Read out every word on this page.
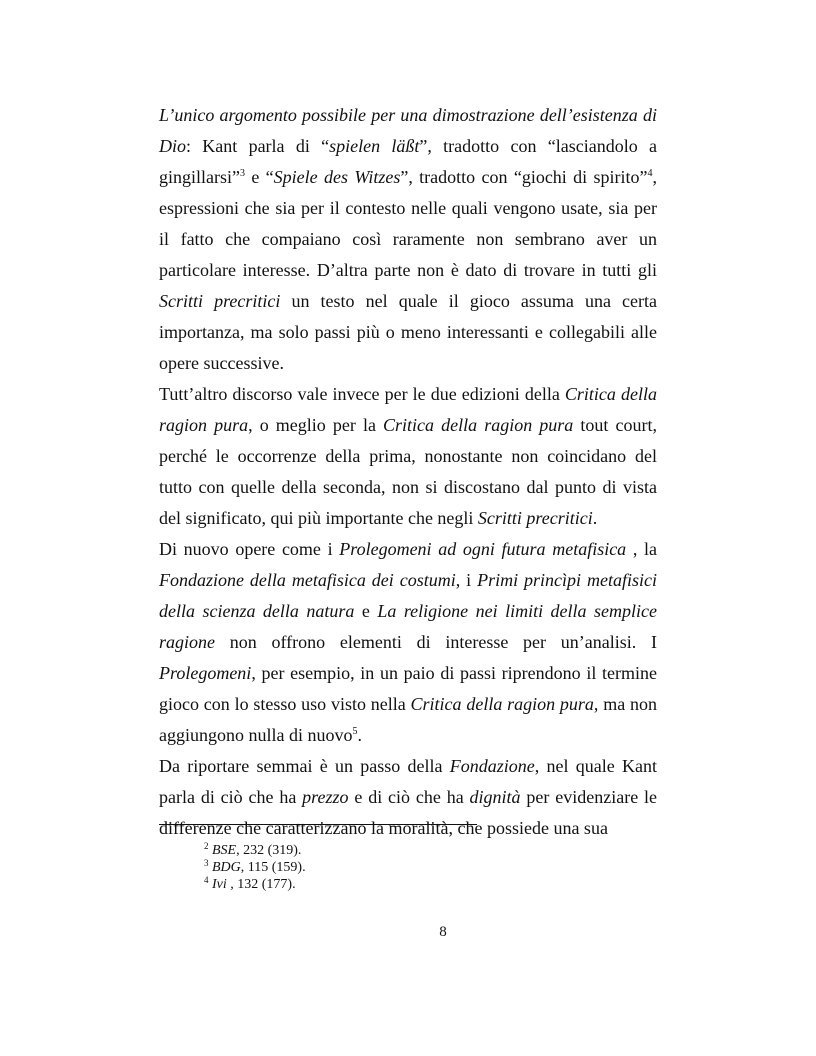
L’unico argomento possibile per una dimostrazione dell’esistenza di Dio: Kant parla di “spielen läßt”, tradotto con “lasciandolo a gingillarsi”$^3$ e “Spiele des Witzes”, tradotto con “giochi di spirito”$^4$, espressioni che sia per il contesto nelle quali vengono usate, sia per il fatto che compaiano così raramente non sembrano aver un particolare interesse. D’altra parte non è dato di trovare in tutti gli Scritti precritici un testo nel quale il gioco assuma una certa importanza, ma solo passi più o meno interessanti e collegabili alle opere successive.

Tutt’altro discorso vale invece per le due edizioni della Critica della ragion pura, o meglio per la Critica della ragion pura tout court, perché le occorrenze della prima, nonostante non coincidano del tutto con quelle della seconda, non si discostano dal punto di vista del significato, qui più importante che negli Scritti precritici.

Di nuovo opere come i Prolegomeni ad ogni futura metafisica , la Fondazione della metafisica dei costumi, i Primi princìpi metafisici della scienza della natura e La religione nei limiti della semplice ragione non offrono elementi di interesse per un’analisi. I Prolegomeni, per esempio, in un paio di passi riprendono il termine gioco con lo stesso uso visto nella Critica della ragion pura, ma non aggiungono nulla di nuovo$^5$.

Da riportare semmai è un passo della Fondazione, nel quale Kant parla di ciò che ha prezzo e di ciò che ha dignità per evidenziare le differenze che caratterizzano la moralità, che possiede una sua

$^2$ BSE, 232 (319).
$^3$ BDG, 115 (159).
$^4$ Ivi , 132 (177).
8
